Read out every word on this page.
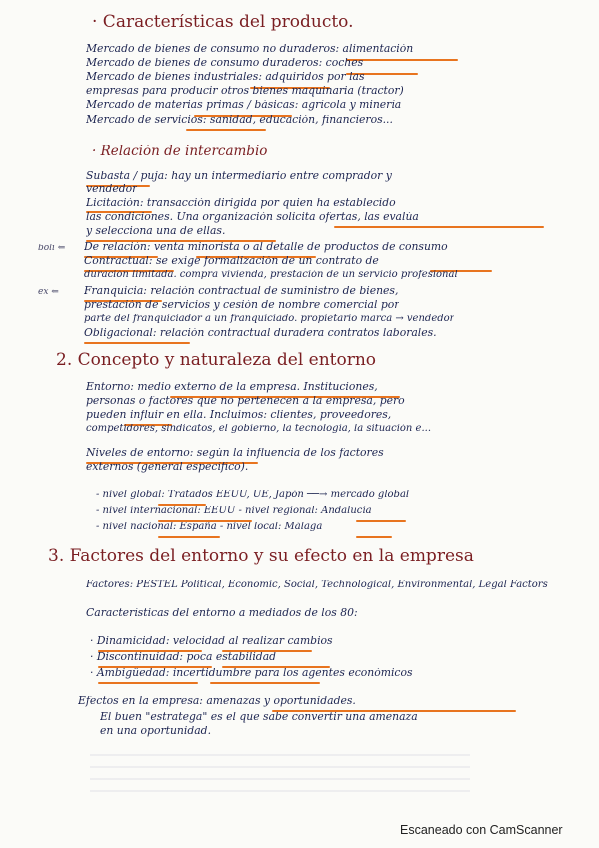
· Características del producto.
Mercado de bienes de consumo no duraderos: alimentación
Mercado de bienes de consumo duraderos: coches
Mercado de bienes industriales: adquiridos por las
empresas para producir otros bienes maquinaria (tractor)
Mercado de materias primas / básicas: agrícola y minería
Mercado de servicios: sanidad, educación, financieros...
· Relación de intercambio
Subasta / puja: hay un intermediario entre comprador y
vendedor
Licitación: transacción dirigida por quien ha establecido
las condiciones. Una organización solicita ofertas, las evalúa
y selecciona una de ellas.
boli ⇐ De relación: venta minorista o al detalle de productos de consumo
Contractual: se exige formalización de un contrato de
duración limitada. compra vivienda, prestación de un servicio profesional
ex ⇐ Franquicia: relación contractual de suministro de bienes,
prestación de servicios y cesión de nombre comercial por
parte del franquiciador a un franquiciado. propietario marca → vendedor
Obligacional: relación contractual duradera contratos laborales.
2. Concepto y naturaleza del entorno
Entorno: medio externo de la empresa. Instituciones,
personas o factores que no pertenecen a la empresa, pero
pueden influir en ella. Incluimos: clientes, proveedores,
competidores, sindicatos, el gobierno, la tecnología, la situación e...
Niveles de entorno: según la influencia de los factores
externos (general específico).
- nivel global: Tratados EEUU, UE, Japón ──→ mercado global
- nivel internacional: EEUU - nivel regional: Andalucía
- nivel nacional: España - nivel local: Málaga
3. Factores del entorno y su efecto en la empresa
Factores: PESTEL Political, Economic, Social, Technological, Environmental, Legal Factors
Características del entorno a mediados de los 80:
· Dinamicidad: velocidad al realizar cambios
· Discontinuidad: poca estabilidad
· Ambigüedad: incertidumbre para los agentes económicos
Efectos en la empresa: amenazas y oportunidades.
El buen "estratega" es el que sabe convertir una amenaza
en una oportunidad.
Escaneado con CamScanner
